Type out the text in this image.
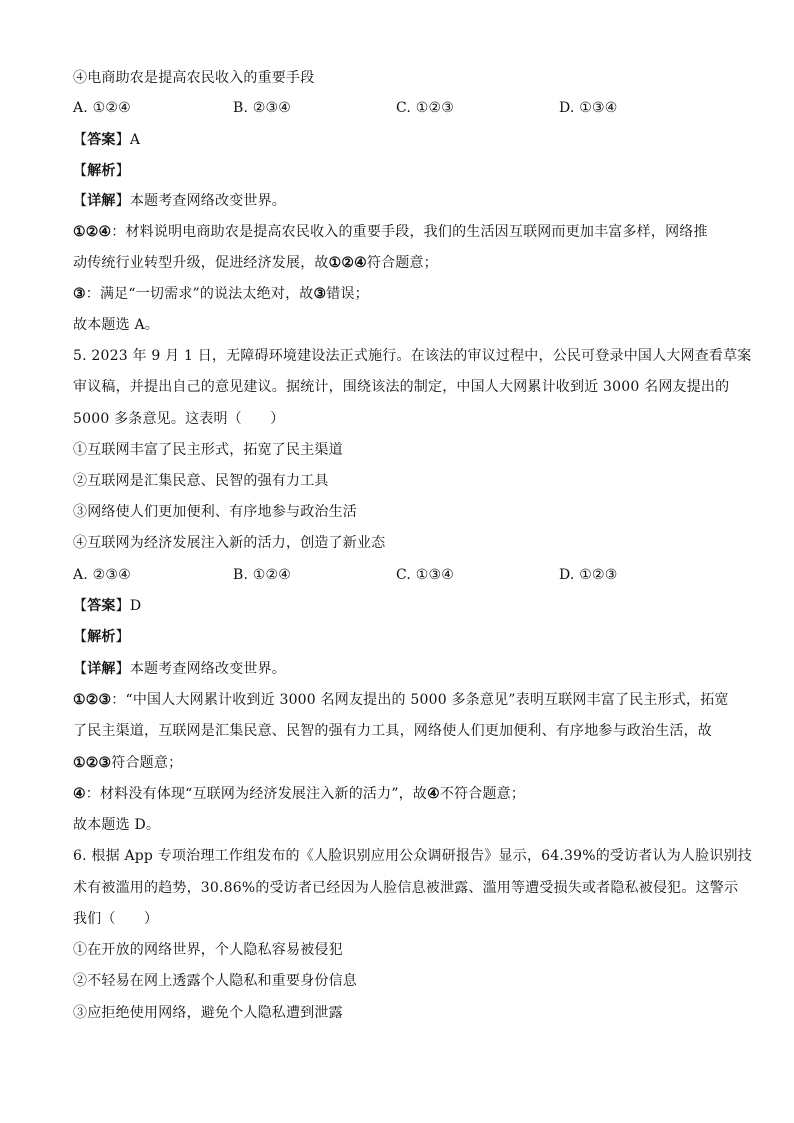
④电商助农是提高农民收入的重要手段
A. ①②④	B. ②③④	C. ①②③	D. ①③④
【答案】A
【解析】
【详解】本题考查网络改变世界。
①②④：材料说明电商助农是提高农民收入的重要手段，我们的生活因互联网而更加丰富多样，网络推
动传统行业转型升级，促进经济发展，故①②④符合题意；
③：满足“一切需求”的说法太绝对，故③错误；
故本题选 A。
5. 2023 年 9 月 1 日，无障碍环境建设法正式施行。在该法的审议过程中，公民可登录中国人大网查看草案
审议稿，并提出自己的意见建议。据统计，围绕该法的制定，中国人大网累计收到近 3000 名网友提出的
5000 多条意见。这表明（　　）
①互联网丰富了民主形式，拓宽了民主渠道
②互联网是汇集民意、民智的强有力工具
③网络使人们更加便利、有序地参与政治生活
④互联网为经济发展注入新的活力，创造了新业态
A. ②③④	B. ①②④	C. ①③④	D. ①②③
【答案】D
【解析】
【详解】本题考查网络改变世界。
①②③：“中国人大网累计收到近 3000 名网友提出的 5000 多条意见”表明互联网丰富了民主形式，拓宽
了民主渠道，互联网是汇集民意、民智的强有力工具，网络使人们更加便利、有序地参与政治生活，故
①②③符合题意；
④：材料没有体现“互联网为经济发展注入新的活力”，故④不符合题意；
故本题选 D。
6. 根据 App 专项治理工作组发布的《人脸识别应用公众调研报告》显示，64.39%的受访者认为人脸识别技
术有被滥用的趋势，30.86%的受访者已经因为人脸信息被泄露、滥用等遭受损失或者隐私被侵犯。这警示
我们（　　）
①在开放的网络世界，个人隐私容易被侵犯
②不轻易在网上透露个人隐私和重要身份信息
③应拒绝使用网络，避免个人隐私遭到泄露
